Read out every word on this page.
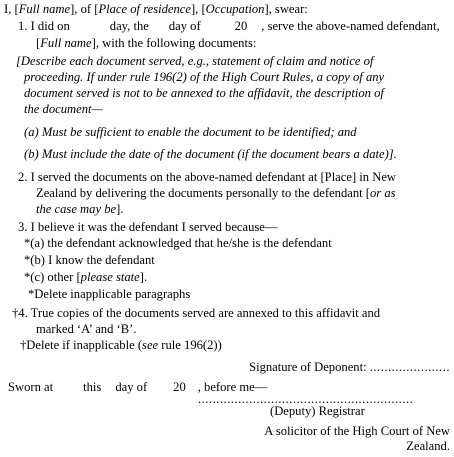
I, [Full name], of [Place of residence], [Occupation], swear:
1. I did on	day, the day of	20 , serve the above-named defendant,
[Full name], with the following documents:
[Describe each document served, e.g., statement of claim and notice of
proceeding. If under rule 196(2) of the High Court Rules, a copy of any
document served is not to be annexed to the affidavit, the description of
the document—
(a) Must be sufficient to enable the document to be identified; and
(b) Must include the date of the document (if the document bears a date)].
2. I served the documents on the above-named defendant at [Place] in New
Zealand by delivering the documents personally to the defendant [or as
the case may be].
3. I believe it was the defendant I served because—
*(a) the defendant acknowledged that he/she is the defendant
*(b) I know the defendant
*(c) other [please state].
*Delete inapplicable paragraphs
†4. True copies of the documents served are annexed to this affidavit and
marked ‘A’ and ‘B’.
†Delete if inapplicable (see rule 196(2))
Signature of Deponent: ......................
Sworn at this day of 20 , before me—
...........................................................
(Deputy) Registrar
A solicitor of the High Court of New
Zealand.
